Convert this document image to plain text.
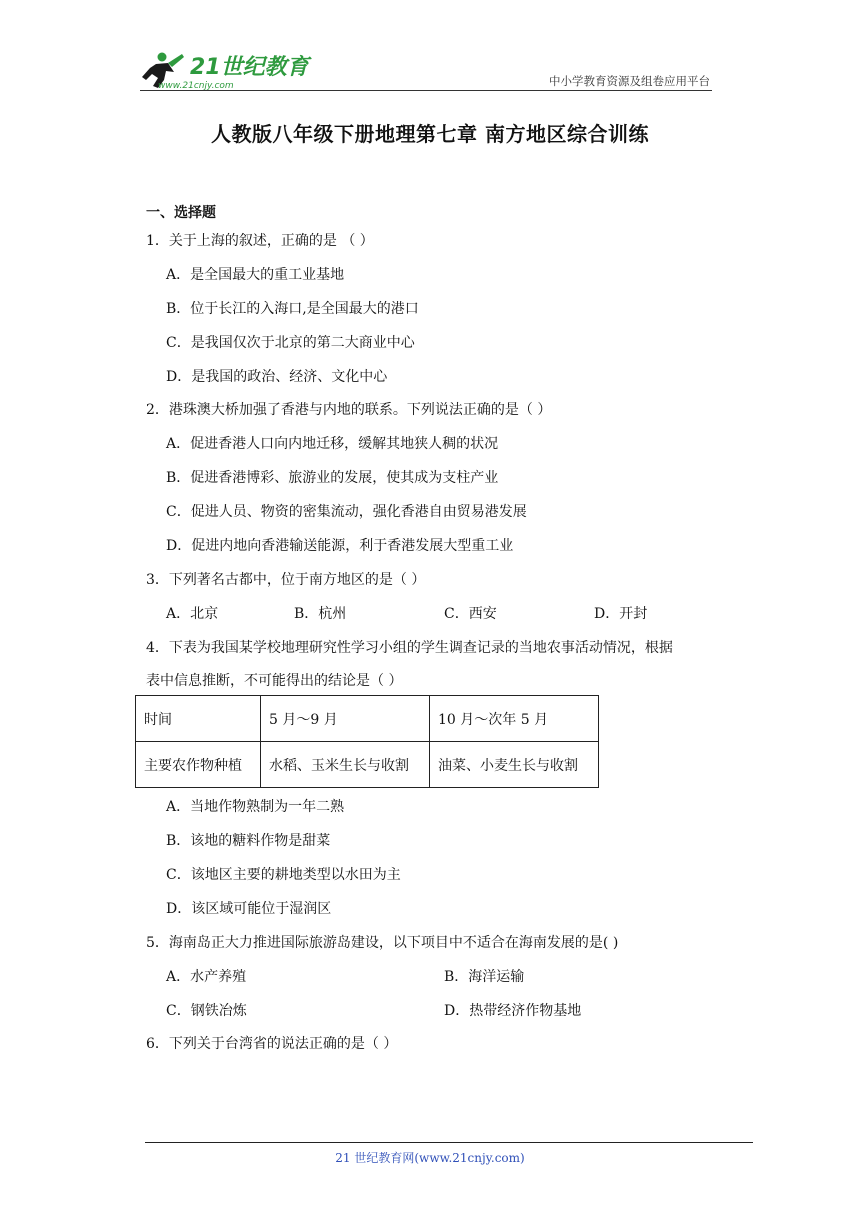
21世纪教育
www.21cnjy.com	中小学教育资源及组卷应用平台
人教版八年级下册地理第七章 南方地区综合训练
一、选择题
1．关于上海的叙述，正确的是 （ ）
A．是全国最大的重工业基地
B．位于长江的入海口,是全国最大的港口
C．是我国仅次于北京的第二大商业中心
D．是我国的政治、经济、文化中心
2．港珠澳大桥加强了香港与内地的联系。下列说法正确的是（ ）
A．促进香港人口向内地迁移，缓解其地狭人稠的状况
B．促进香港博彩、旅游业的发展，使其成为支柱产业
C．促进人员、物资的密集流动，强化香港自由贸易港发展
D．促进内地向香港输送能源，利于香港发展大型重工业
3．下列著名古都中，位于南方地区的是（ ）
A．北京	B．杭州	C．西安	D．开封
4．下表为我国某学校地理研究性学习小组的学生调查记录的当地农事活动情况，根据
表中信息推断，不可能得出的结论是（ ）
时间	5 月～9 月	10 月～次年 5 月
主要农作物种植	水稻、玉米生长与收割	油菜、小麦生长与收割
A．当地作物熟制为一年二熟
B．该地的糖料作物是甜菜
C．该地区主要的耕地类型以水田为主
D．该区域可能位于湿润区
5．海南岛正大力推进国际旅游岛建设，以下项目中不适合在海南发展的是( )
A．水产养殖	B．海洋运输
C．钢铁冶炼	D．热带经济作物基地
6．下列关于台湾省的说法正确的是（ ）
21 世纪教育网(www.21cnjy.com)
